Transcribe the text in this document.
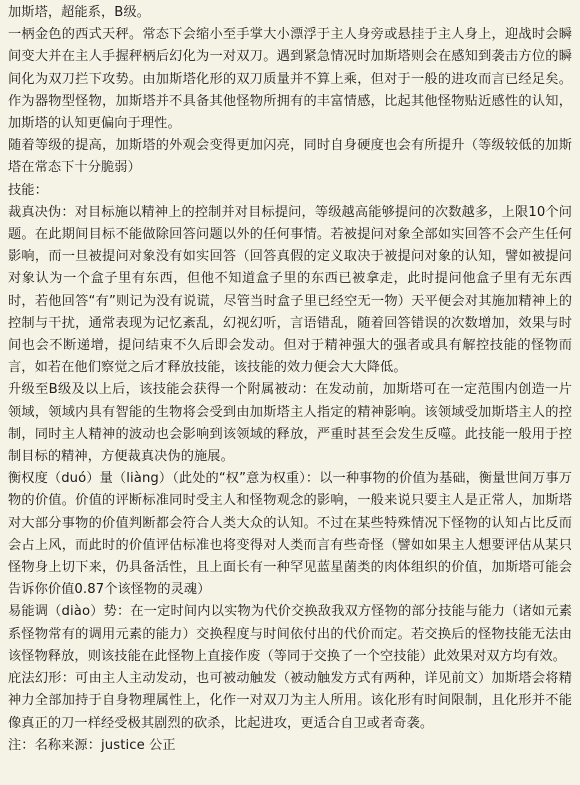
加斯塔，超能系，B级。

一柄金色的西式天秤。常态下会缩小至手掌大小漂浮于主人身旁或悬挂于主人身上，迎战时会瞬间变大并在主人手握秤柄后幻化为一对双刀。遇到紧急情况时加斯塔则会在感知到袭击方位的瞬间化为双刀拦下攻势。由加斯塔化形的双刀质量并不算上乘，但对于一般的进攻而言已经足矣。作为器物型怪物，加斯塔并不具备其他怪物所拥有的丰富情感，比起其他怪物贴近感性的认知，加斯塔的认知更偏向于理性。

随着等级的提高，加斯塔的外观会变得更加闪亮，同时自身硬度也会有所提升（等级较低的加斯塔在常态下十分脆弱）

技能：

裁真决伪：对目标施以精神上的控制并对目标提问，等级越高能够提问的次数越多，上限10个问题。在此期间目标不能做除回答问题以外的任何事情。若被提问对象全部如实回答不会产生任何影响，而一旦被提问对象没有如实回答（回答真假的定义取决于被提问对象的认知，譬如被提问对象认为一个盒子里有东西，但他不知道盒子里的东西已被拿走，此时提问他盒子里有无东西时，若他回答“有”则记为没有说谎，尽管当时盒子里已经空无一物）天平便会对其施加精神上的控制与干扰，通常表现为记忆紊乱，幻视幻听，言语错乱，随着回答错误的次数增加，效果与时间也会不断递增，提问结束不久后即会发动。但对于精神强大的强者或具有解控技能的怪物而言，如若在他们察觉之后才释放技能，该技能的效力便会大大降低。

升级至B级及以上后，该技能会获得一个附属被动：在发动前，加斯塔可在一定范围内创造一片领域，领域内具有智能的生物将会受到由加斯塔主人指定的精神影响。该领域受加斯塔主人的控制，同时主人精神的波动也会影响到该领域的释放，严重时甚至会发生反噬。此技能一般用于控制目标的精神，方便裁真决伪的施展。

衡权度（duó）量（liàng）（此处的“权”意为权重）：以一种事物的价值为基础，衡量世间万事万物的价值。价值的评断标准同时受主人和怪物观念的影响，一般来说只要主人是正常人，加斯塔对大部分事物的价值判断都会符合人类大众的认知。不过在某些特殊情况下怪物的认知占比反而会占上风，而此时的价值评估标准也将变得对人类而言有些奇怪（譬如如果主人想要评估从某只怪物身上切下来，仍具备活性，且上面长有一种罕见蓝星菌类的肉体组织的价值，加斯塔可能会告诉你价值0.87个该怪物的灵魂）

易能调（diào）势：在一定时间内以实物为代价交换敌我双方怪物的部分技能与能力（诸如元素系怪物常有的调用元素的能力）交换程度与时间依付出的代价而定。若交换后的怪物技能无法由该怪物释放，则该技能在此怪物上直接作废（等同于交换了一个空技能）此效果对双方均有效。

庇法幻形：可由主人主动发动，也可被动触发（被动触发方式有两种，详见前文）加斯塔会将精神力全部加持于自身物理属性上，化作一对双刀为主人所用。该化形有时间限制，且化形并不能像真正的刀一样经受极其剧烈的砍杀，比起进攻，更适合自卫或者奇袭。

注：名称来源：justice 公正
